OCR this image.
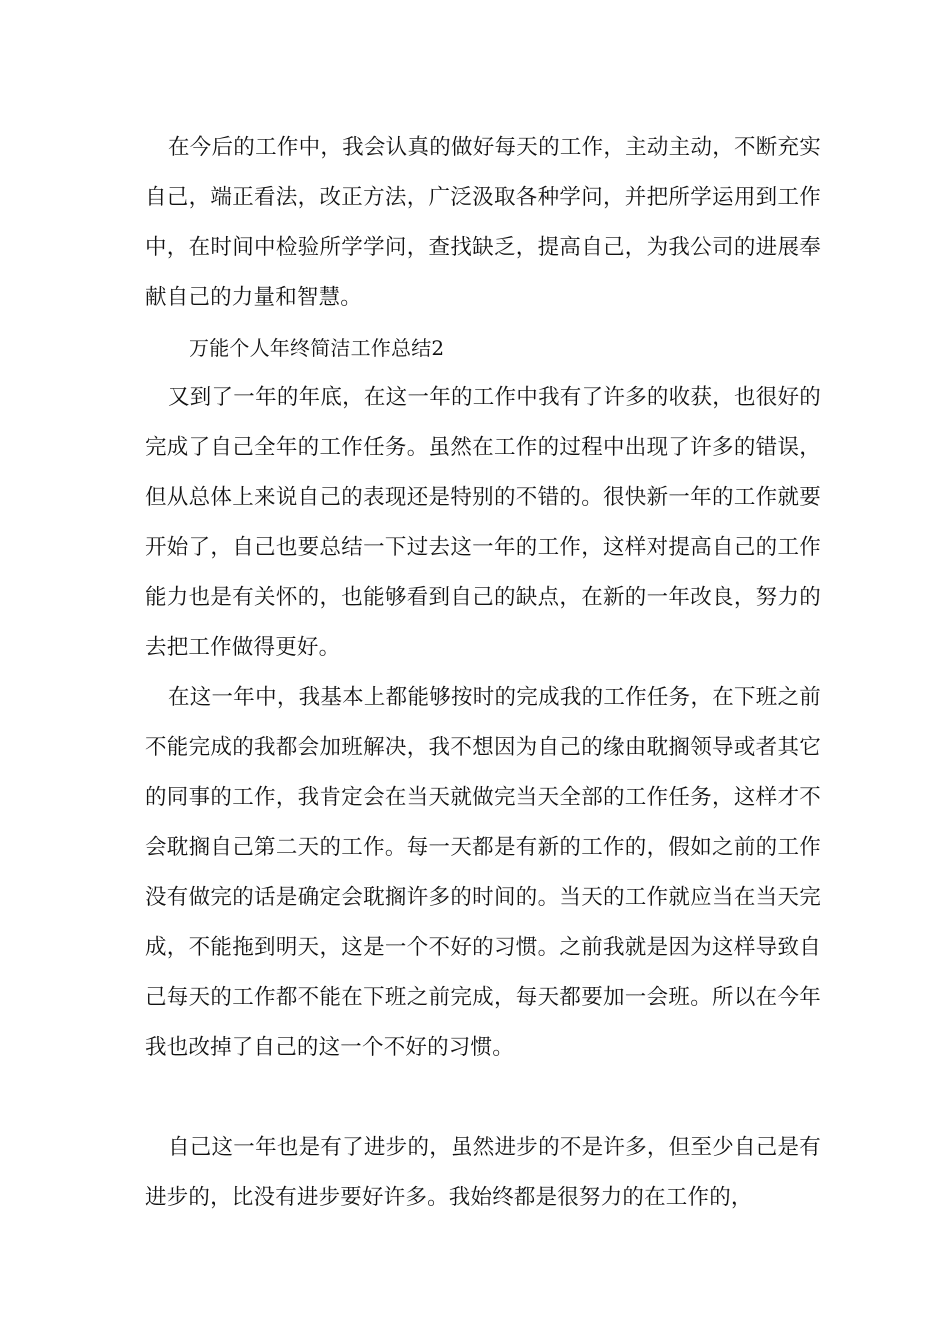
在今后的工作中，我会认真的做好每天的工作，主动主动，不断充实自己，端正看法，改正方法，广泛汲取各种学问，并把所学运用到工作中，在时间中检验所学学问，查找缺乏，提高自己，为我公司的进展奉献自己的力量和智慧。

万能个人年终简洁工作总结2

又到了一年的年底，在这一年的工作中我有了许多的收获，也很好的完成了自己全年的工作任务。虽然在工作的过程中出现了许多的错误，但从总体上来说自己的表现还是特别的不错的。很快新一年的工作就要开始了，自己也要总结一下过去这一年的工作，这样对提高自己的工作能力也是有关怀的，也能够看到自己的缺点，在新的一年改良，努力的去把工作做得更好。

在这一年中，我基本上都能够按时的完成我的工作任务，在下班之前不能完成的我都会加班解决，我不想因为自己的缘由耽搁领导或者其它的同事的工作，我肯定会在当天就做完当天全部的工作任务，这样才不会耽搁自己第二天的工作。每一天都是有新的工作的，假如之前的工作没有做完的话是确定会耽搁许多的时间的。当天的工作就应当在当天完成，不能拖到明天，这是一个不好的习惯。之前我就是因为这样导致自己每天的工作都不能在下班之前完成，每天都要加一会班。所以在今年我也改掉了自己的这一个不好的习惯。

自己这一年也是有了进步的，虽然进步的不是许多，但至少自己是有进步的，比没有进步要好许多。我始终都是很努力的在工作的，
